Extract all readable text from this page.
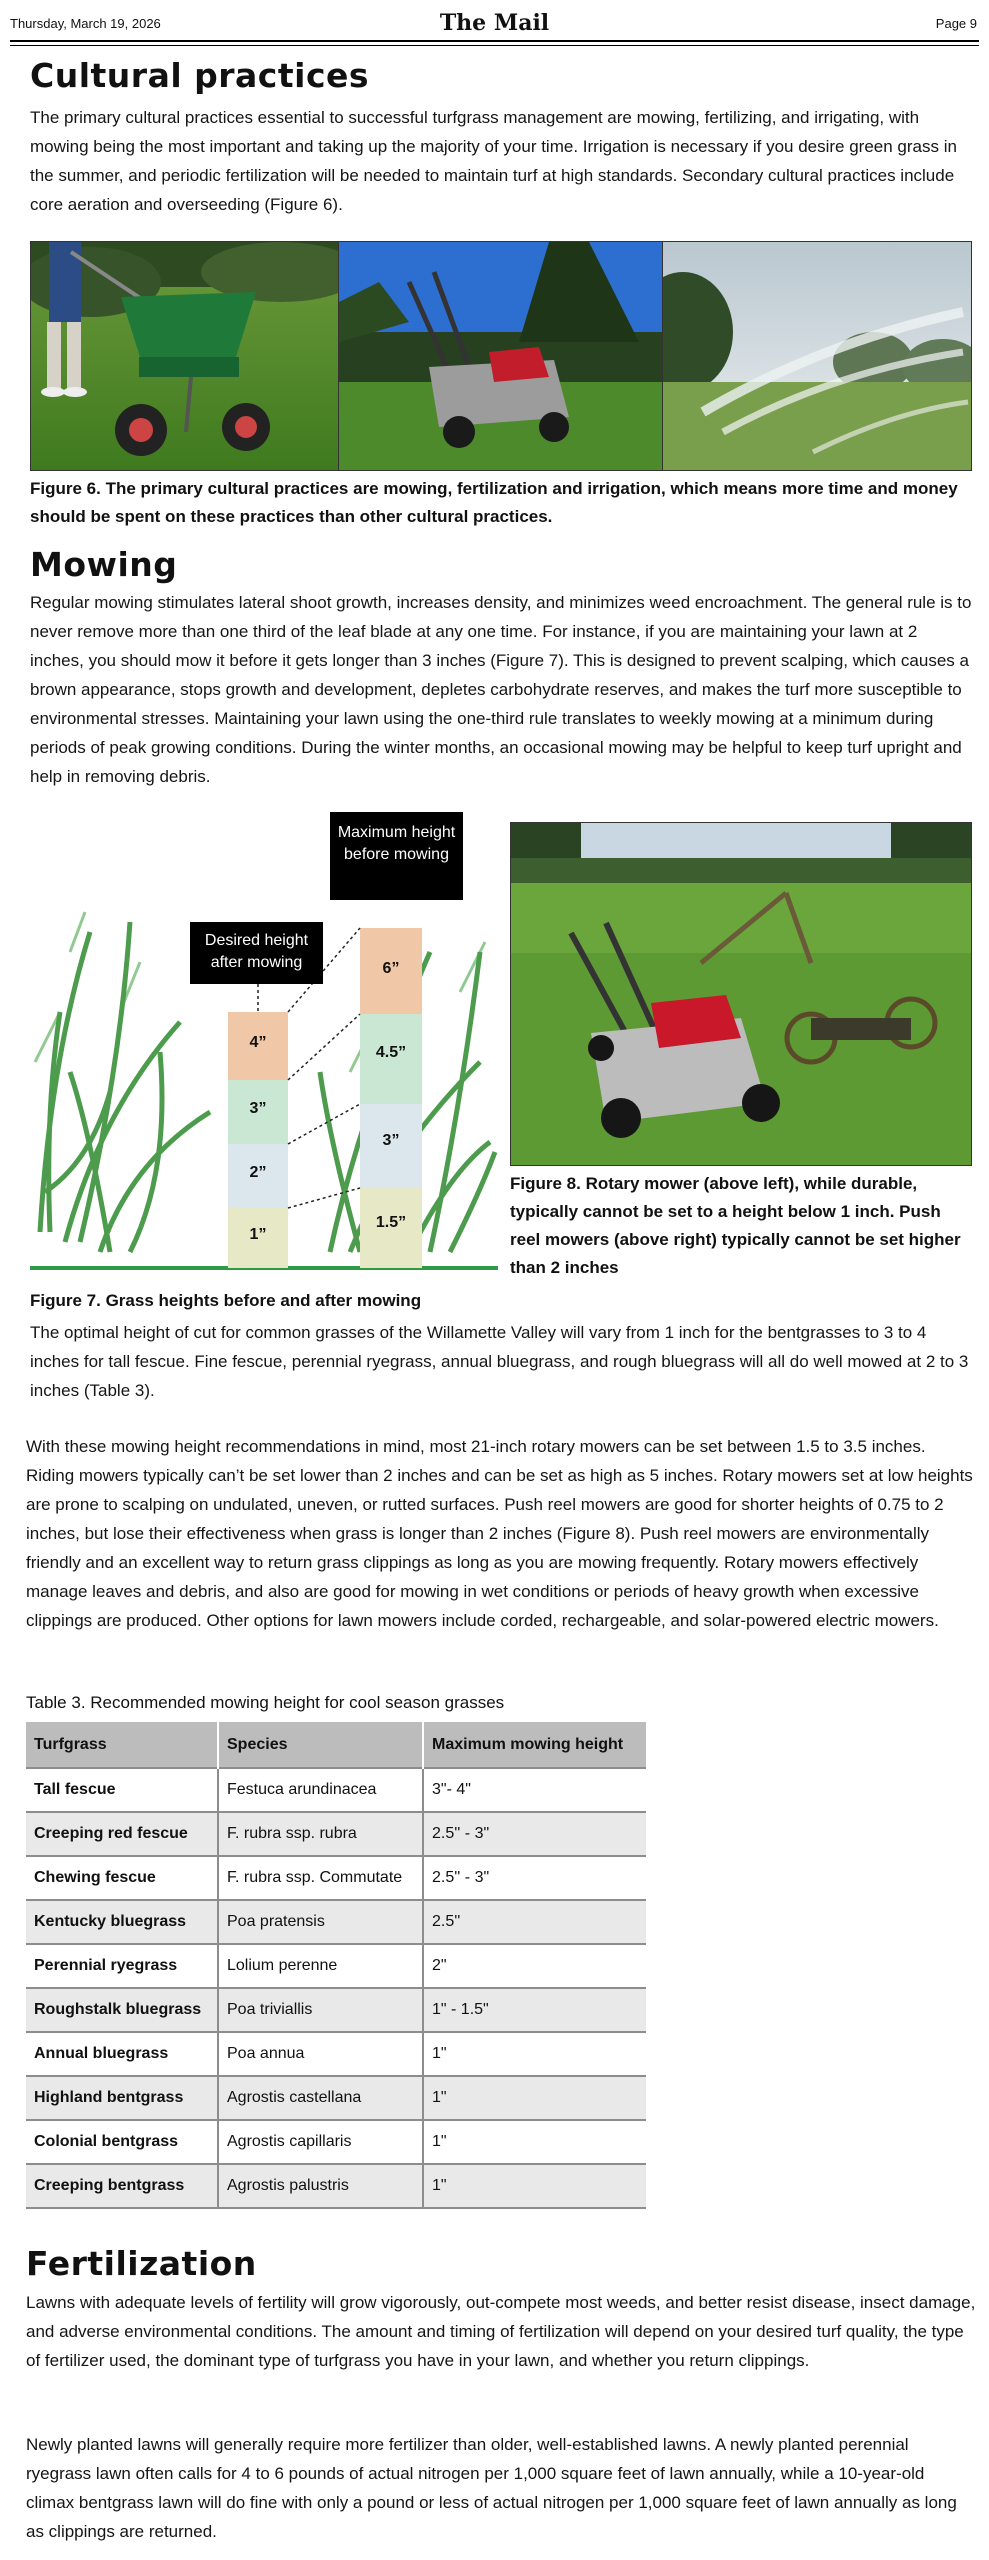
Thursday, March 19, 2026	The Mail	Page 9
Cultural practices

The primary cultural practices essential to successful turfgrass management are mowing, fertilizing, and irrigating, with mowing being the most important and taking up the majority of your time. Irrigation is necessary if you desire green grass in the summer, and periodic fertilization will be needed to maintain turf at high standards. Secondary cultural practices include core aeration and overseeding (Figure 6).

Figure 6. The primary cultural practices are mowing, fertilization and irrigation, which means more time and money should be spent on these practices than other cultural practices.

Mowing

Regular mowing stimulates lateral shoot growth, increases density, and minimizes weed encroachment. The general rule is to never remove more than one third of the leaf blade at any one time. For instance, if you are maintaining your lawn at 2 inches, you should mow it before it gets longer than 3 inches (Figure 7). This is designed to prevent scalping, which causes a brown appearance, stops growth and development, depletes carbohydrate reserves, and makes the turf more susceptible to environmental stresses. Maintaining your lawn using the one-third rule translates to weekly mowing at a minimum during periods of peak growing conditions. During the winter months, an occasional mowing may be helpful to keep turf upright and help in removing debris.

Maximum height before mowing
Desired height after mowing
4”
3”
2”
1”
6”
4.5”
3”
1.5”

Figure 7. Grass heights before and after mowing

Figure 8. Rotary mower (above left), while durable, typically cannot be set to a height below 1 inch. Push reel mowers (above right) typically cannot be set higher than 2 inches

The optimal height of cut for common grasses of the Willamette Valley will vary from 1 inch for the bentgrasses to 3 to 4 inches for tall fescue. Fine fescue, perennial ryegrass, annual bluegrass, and rough bluegrass will all do well mowed at 2 to 3 inches (Table 3).

With these mowing height recommendations in mind, most 21-inch rotary mowers can be set between 1.5 to 3.5 inches. Riding mowers typically can’t be set lower than 2 inches and can be set as high as 5 inches. Rotary mowers set at low heights are prone to scalping on undulated, uneven, or rutted surfaces. Push reel mowers are good for shorter heights of 0.75 to 2 inches, but lose their effectiveness when grass is longer than 2 inches (Figure 8). Push reel mowers are environmentally friendly and an excellent way to return grass clippings as long as you are mowing frequently. Rotary mowers effectively manage leaves and debris, and also are good for mowing in wet conditions or periods of heavy growth when excessive clippings are produced. Other options for lawn mowers include corded, rechargeable, and solar-powered electric mowers.

Table 3. Recommended mowing height for cool season grasses
Turfgrass	Species	Maximum mowing height
Tall fescue	Festuca arundinacea	3"- 4"
Creeping red fescue	F. rubra ssp. rubra	2.5'' - 3"
Chewing fescue	F. rubra ssp. Commutate	2.5'' - 3"
Kentucky bluegrass	Poa pratensis	2.5''
Perennial ryegrass	Lolium perenne	2"
Roughstalk bluegrass	Poa triviallis	1" - 1.5"
Annual bluegrass	Poa annua	1"
Highland bentgrass	Agrostis castellana	1"
Colonial bentgrass	Agrostis capillaris	1"
Creeping bentgrass	Agrostis palustris	1"
Fertilization

Lawns with adequate levels of fertility will grow vigorously, out-compete most weeds, and better resist disease, insect damage, and adverse environmental conditions. The amount and timing of fertilization will depend on your desired turf quality, the type of fertilizer used, the dominant type of turfgrass you have in your lawn, and whether you return clippings.

Newly planted lawns will generally require more fertilizer than older, well-established lawns. A newly planted perennial ryegrass lawn often calls for 4 to 6 pounds of actual nitrogen per 1,000 square feet of lawn annually, while a 10-year-old climax bentgrass lawn will do fine with only a pound or less of actual nitrogen per 1,000 square feet of lawn annually as long as clippings are returned.
